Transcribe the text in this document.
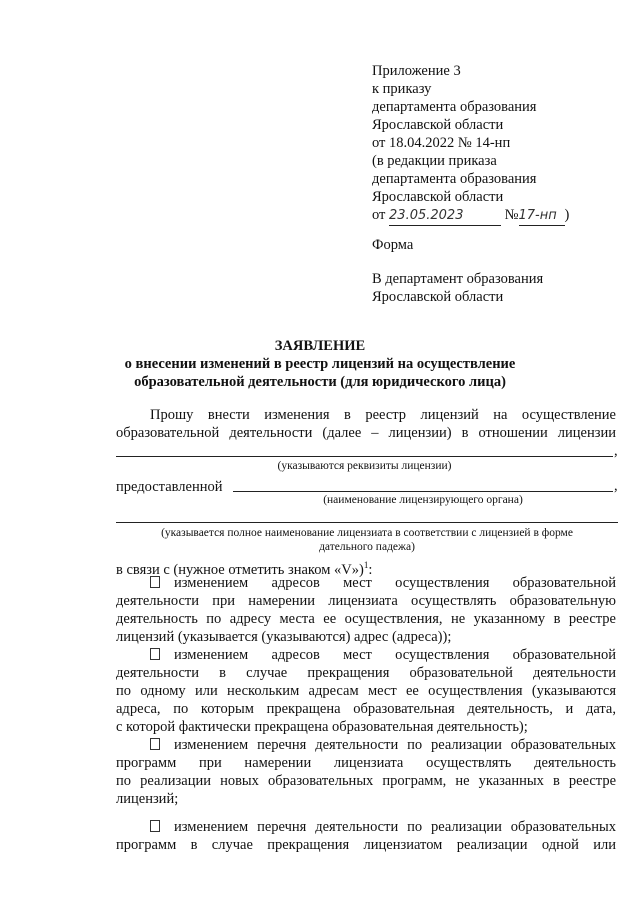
Приложение 3
к приказу
департамента образования
Ярославской области
от 18.04.2022 № 14-нп
(в редакции приказа
департамента образования
Ярославской области
от 23.05.2023	№17-нп )
Форма
В департамент образования
Ярославской области
ЗАЯВЛЕНИЕ
о внесении изменений в реестр лицензий на осуществление
образовательной деятельности (для юридического лица)
Прошу внести изменения в реестр лицензий на осуществление
образовательной деятельности (далее – лицензии) в отношении лицензии
,
(указываются реквизиты лицензии)
предоставленной	,
(наименование лицензирующего органа)
(указывается полное наименование лицензиата в соответствии с лицензией в форме
дательного падежа)
в связи с (нужное отметить знаком «V»)$^1$:
изменением адресов мест осуществления образовательной
деятельности при намерении лицензиата осуществлять образовательную
деятельность по адресу места ее осуществления, не указанному в реестре
лицензий (указывается (указываются) адрес (адреса));
изменением адресов мест осуществления образовательной
деятельности в случае прекращения образовательной деятельности
по одному или нескольким адресам мест ее осуществления (указываются
адреса, по которым прекращена образовательная деятельность, и дата,
с которой фактически прекращена образовательная деятельность);
изменением перечня деятельности по реализации образовательных
программ при намерении лицензиата осуществлять деятельность
по реализации новых образовательных программ, не указанных в реестре
лицензий;
изменением перечня деятельности по реализации образовательных
программ в случае прекращения лицензиатом реализации одной или
